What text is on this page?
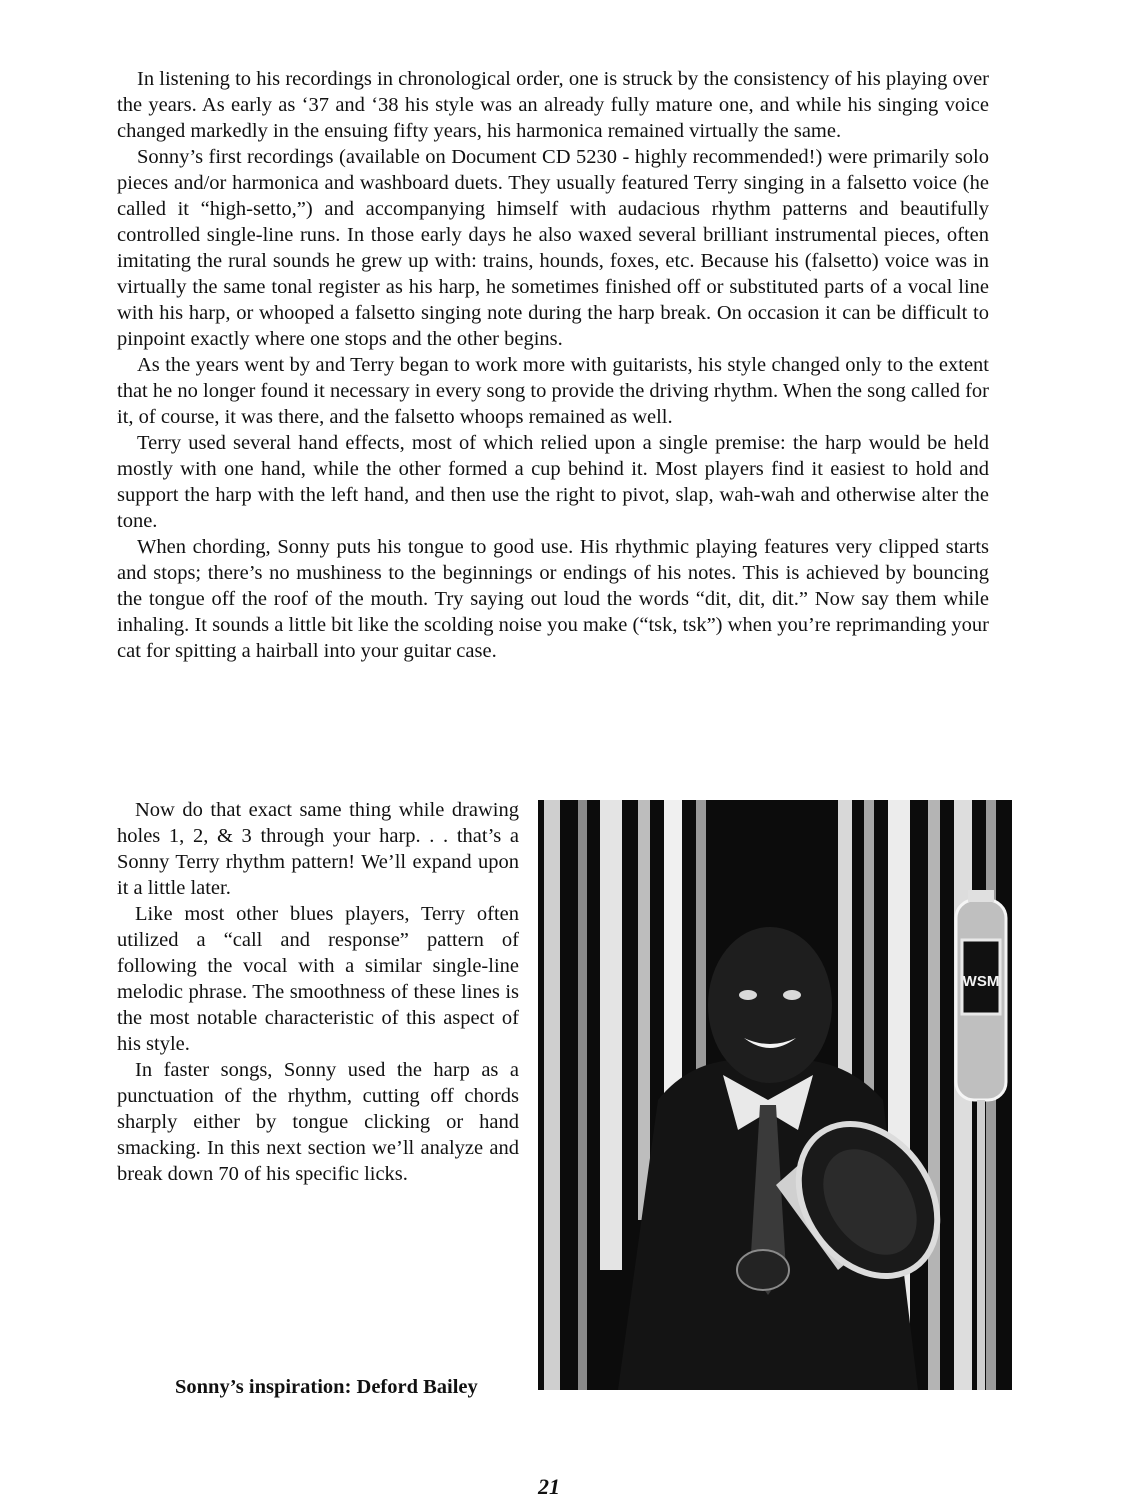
In listening to his recordings in chronological order, one is struck by the consistency of his playing over the years. As early as ‘37 and ‘38 his style was an already fully mature one, and while his singing voice changed markedly in the ensuing fifty years, his harmonica remained virtually the same.

Sonny’s first recordings (available on Document CD 5230 - highly recommended!) were primarily solo pieces and/or harmonica and washboard duets. They usually featured Terry singing in a falsetto voice (he called it “high-setto,”) and accompanying himself with audacious rhythm patterns and beautifully controlled single-line runs. In those early days he also waxed several brilliant instrumental pieces, often imitating the rural sounds he grew up with: trains, hounds, foxes, etc. Because his (falsetto) voice was in virtually the same tonal register as his harp, he sometimes finished off or substituted parts of a vocal line with his harp, or whooped a falsetto singing note during the harp break. On occasion it can be difficult to pinpoint exactly where one stops and the other begins.

As the years went by and Terry began to work more with guitarists, his style changed only to the extent that he no longer found it necessary in every song to provide the driving rhythm. When the song called for it, of course, it was there, and the falsetto whoops remained as well.

Terry used several hand effects, most of which relied upon a single premise: the harp would be held mostly with one hand, while the other formed a cup behind it. Most players find it easiest to hold and support the harp with the left hand, and then use the right to pivot, slap, wah-wah and otherwise alter the tone.

When chording, Sonny puts his tongue to good use. His rhythmic playing features very clipped starts and stops; there’s no mushiness to the beginnings or endings of his notes. This is achieved by bouncing the tongue off the roof of the mouth. Try saying out loud the words “dit, dit, dit.” Now say them while inhaling. It sounds a little bit like the scolding noise you make (“tsk, tsk”) when you’re reprimanding your cat for spitting a hairball into your guitar case.

Now do that exact same thing while drawing holes 1, 2, & 3 through your harp. . . that’s a Sonny Terry rhythm pattern! We’ll expand upon it a little later.

Like most other blues players, Terry often utilized a “call and response” pattern of following the vocal with a similar single-line melodic phrase. The smoothness of these lines is the most notable characteristic of this aspect of his style.

In faster songs, Sonny used the harp as a punctuation of the rhythm, cutting off chords sharply either by tongue clicking or hand smacking. In this next section we’ll analyze and break down 70 of his specific licks.

WSM
Sonny’s inspiration: Deford Bailey
21
